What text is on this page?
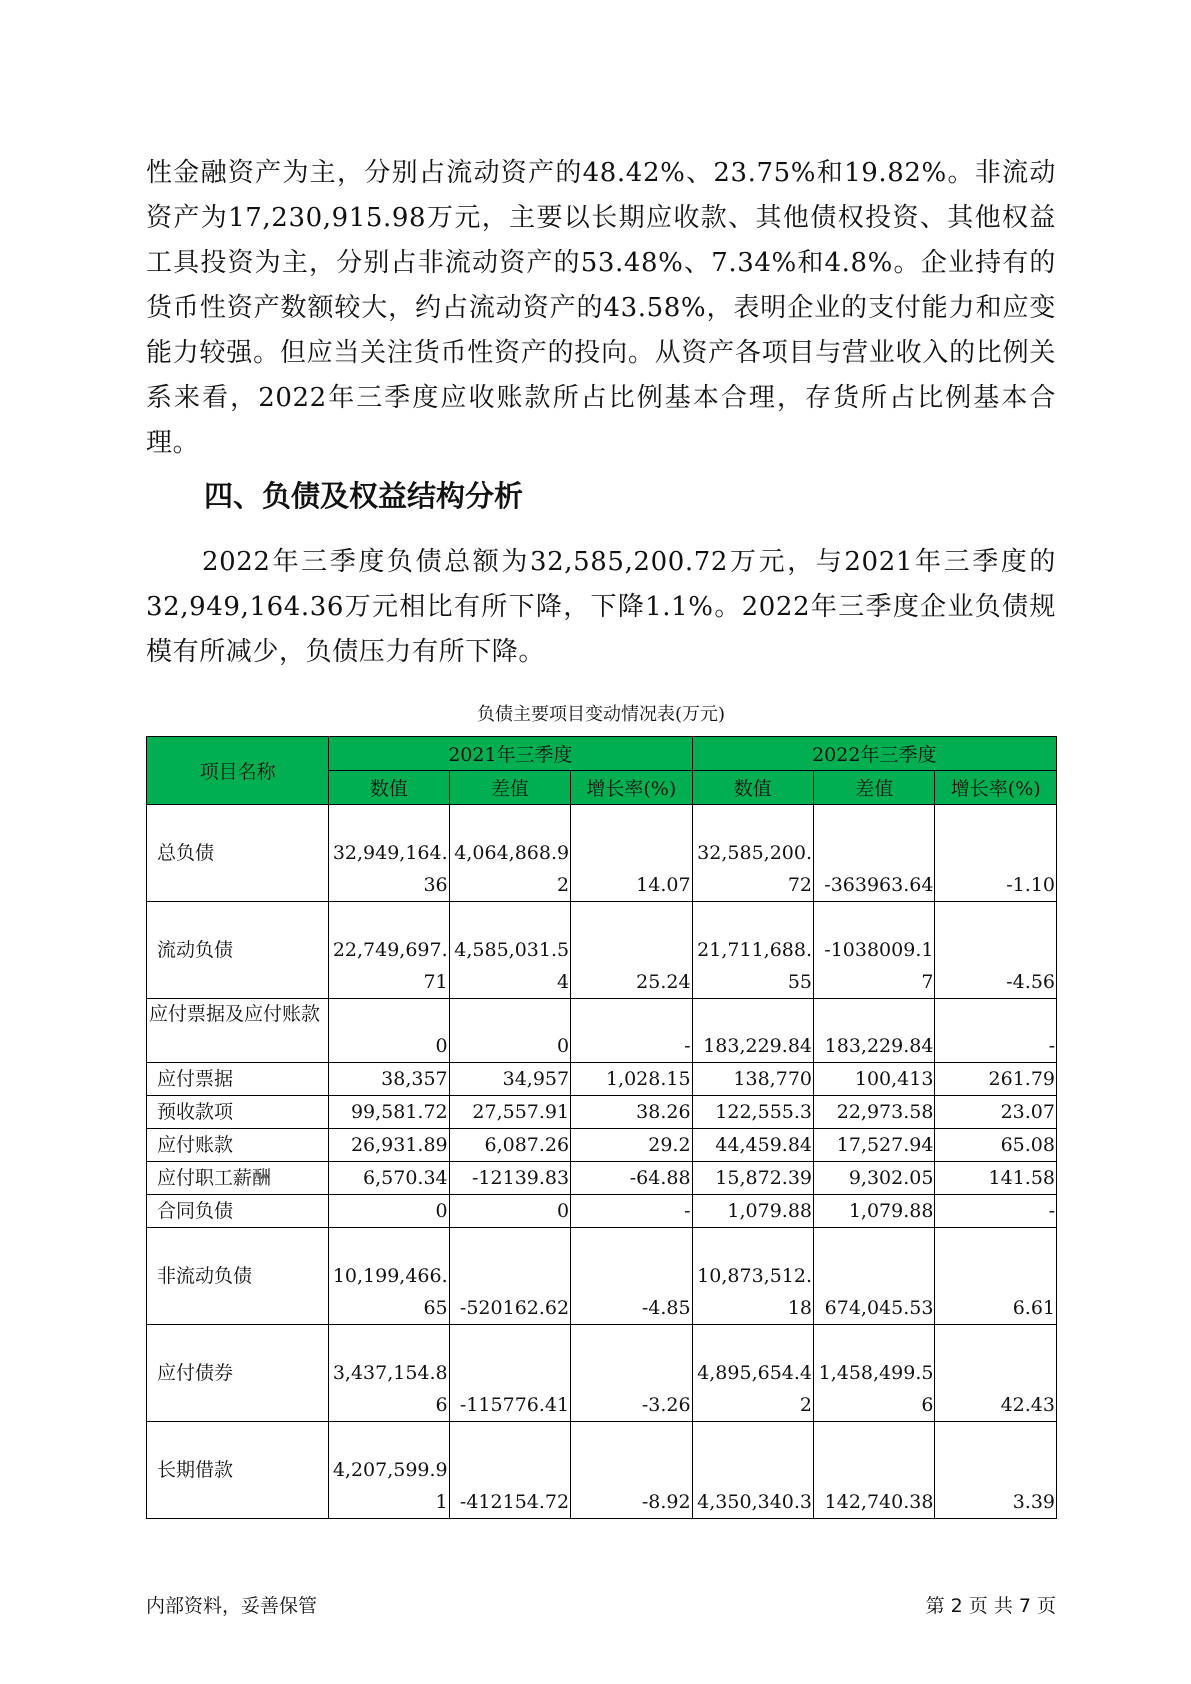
性金融资产为主，分别占流动资产的48.42%、23.75%和19.82%。非流动资产为17,230,915.98万元，主要以长期应收款、其他债权投资、其他权益工具投资为主，分别占非流动资产的53.48%、7.34%和4.8%。企业持有的货币性资产数额较大，约占流动资产的43.58%，表明企业的支付能力和应变能力较强。但应当关注货币性资产的投向。从资产各项目与营业收入的比例关系来看，2022年三季度应收账款所占比例基本合理，存货所占比例基本合理。

四、负债及权益结构分析

2022年三季度负债总额为32,585,200.72万元，与2021年三季度的32,949,164.36万元相比有所下降，下降1.1%。2022年三季度企业负债规模有所减少，负债压力有所下降。

负债主要项目变动情况表(万元)
项目名称	2021年三季度			2022年三季度		
	数值	差值	增长率(%)	数值	差值	增长率(%)
总负债	32,949,164.36	4,064,868.92	14.07	32,585,200.72	-363963.64	-1.10
流动负债	22,749,697.71	4,585,031.54	25.24	21,711,688.55	-1038009.17	-4.56
应付票据及应付账款	0	0	-	183,229.84	183,229.84	-
应付票据	38,357	34,957	1,028.15	138,770	100,413	261.79
预收款项	99,581.72	27,557.91	38.26	122,555.3	22,973.58	23.07
应付账款	26,931.89	6,087.26	29.2	44,459.84	17,527.94	65.08
应付职工薪酬	6,570.34	-12139.83	-64.88	15,872.39	9,302.05	141.58
合同负债	0	0	-	1,079.88	1,079.88	-
非流动负债	10,199,466.65	-520162.62	-4.85	10,873,512.18	674,045.53	6.61
应付债券	3,437,154.86	-115776.41	-3.26	4,895,654.42	1,458,499.56	42.43
长期借款	4,207,599.91	-412154.72	-8.92	4,350,340.3	142,740.38	3.39
内部资料，妥善保管	第 2 页 共 7 页
